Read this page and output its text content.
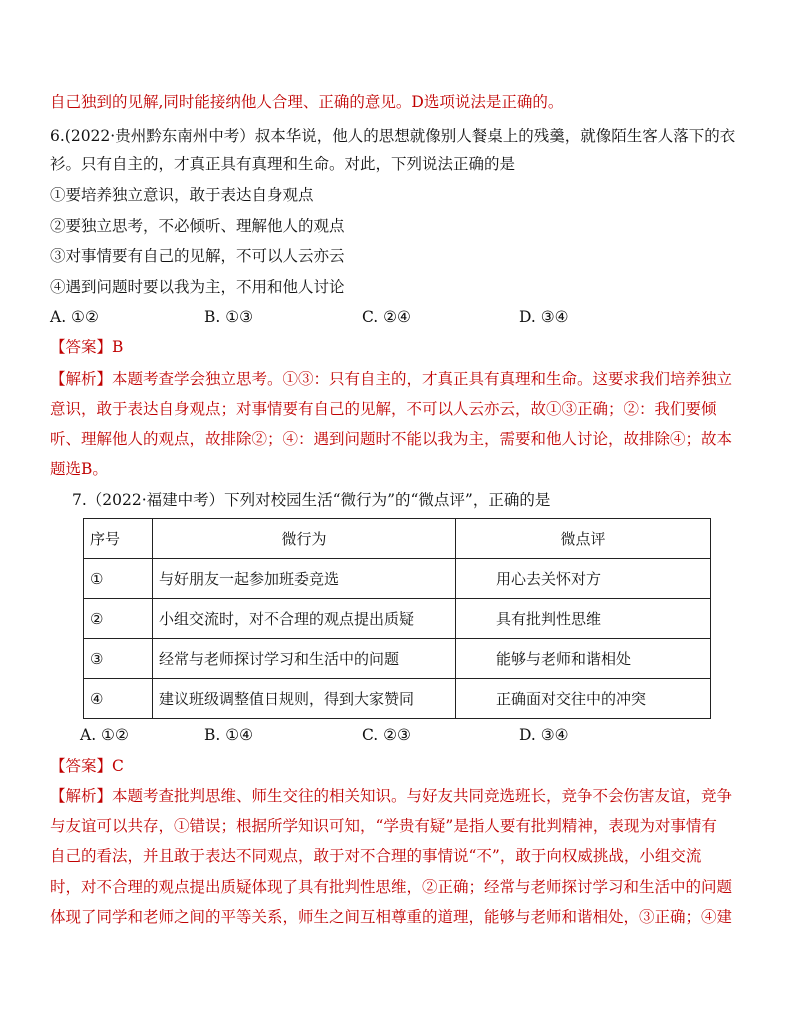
自己独到的见解,同时能接纳他人合理、正确的意见。D选项说法是正确的。
6.(2022·贵州黔东南州中考）叔本华说，他人的思想就像别人餐桌上的残羹，就像陌生客人落下的衣
衫。只有自主的，才真正具有真理和生命。对此，下列说法正确的是
①要培养独立意识，敢于表达自身观点
②要独立思考，不必倾听、理解他人的观点
③对事情要有自己的见解，不可以人云亦云
④遇到问题时要以我为主，不用和他人讨论
A. ①②	B. ①③	C. ②④	D. ③④
【答案】B
【解析】本题考查学会独立思考。①③：只有自主的，才真正具有真理和生命。这要求我们培养独立
意识，敢于表达自身观点；对事情要有自己的见解，不可以人云亦云，故①③正确；②：我们要倾
听、理解他人的观点，故排除②；④：遇到问题时不能以我为主，需要和他人讨论，故排除④；故本
题选B。
7.（2022·福建中考）下列对校园生活“微行为”的“微点评”，正确的是
序号	微行为	微点评
①	与好朋友一起参加班委竞选	用心去关怀对方
②	小组交流时，对不合理的观点提出质疑	具有批判性思维
③	经常与老师探讨学习和生活中的问题	能够与老师和谐相处
④	建议班级调整值日规则，得到大家赞同	正确面对交往中的冲突
A. ①②	B. ①④	C. ②③	D. ③④
【答案】C
【解析】本题考查批判思维、师生交往的相关知识。与好友共同竞选班长，竞争不会伤害友谊，竞争
与友谊可以共存，①错误；根据所学知识可知，“学贵有疑”是指人要有批判精神，表现为对事情有
自己的看法，并且敢于表达不同观点，敢于对不合理的事情说“不”，敢于向权威挑战，小组交流
时，对不合理的观点提出质疑体现了具有批判性思维，②正确；经常与老师探讨学习和生活中的问题
体现了同学和老师之间的平等关系，师生之间互相尊重的道理，能够与老师和谐相处，③正确；④建
